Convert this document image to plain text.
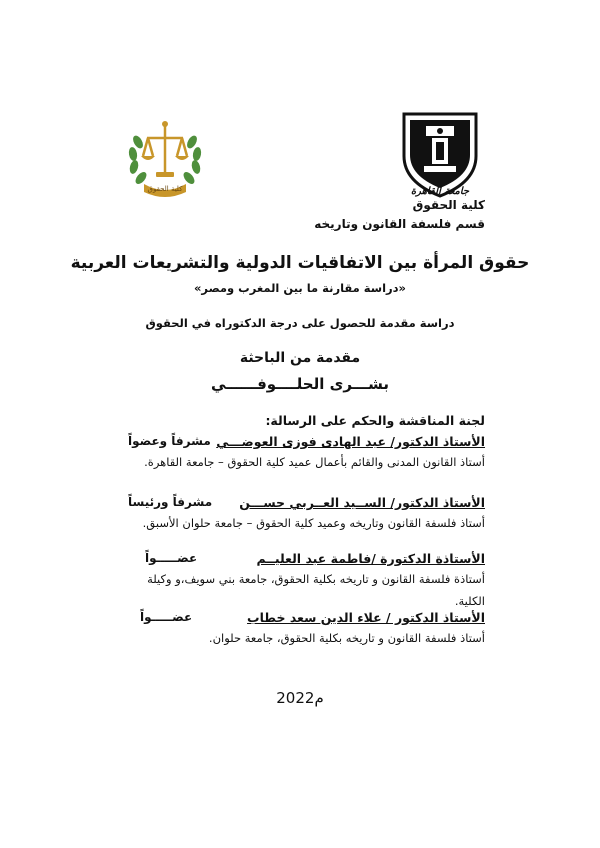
كلية الحقوق	جامعة القاهرة
كلية الحقوق
قسم فلسفة القانون وتاريخه
حقوق المرأة بين الاتفاقيات الدولية والتشريعات العربية
«دراسة مقارنة ما بين المغرب ومصر»
دراسة مقدمة للحصول على درجة الدكتوراه في الحقوق
مقدمة من الباحثة
بشـــرى الحلــــوفــــــي
لجنة المناقشة والحكم على الرسالة:
الأستاذ الدكتور/ عبد الهادى فوزى العوضـــي
مشرفاً وعضواً
أستاذ القانون المدنى والقائم بأعمال عميد كلية الحقوق – جامعة القاهرة.
الأستاذ الدكتور/ الســيد العــربي حســـن
مشرفاً ورئيساً
أستاذ فلسفة القانون وتاريخه وعميد كلية الحقوق – جامعة حلوان الأسبق.
الأستاذة الدكتورة /فاطمة عبد العليــم
عضـــــواً
أستاذة فلسفة القانون و تاريخه بكلية الحقوق، جامعة بني سويف،و وكيلة الكلية.
الأستاذ الدكتور / علاء الدين سعد خطاب
عضـــــواً
أستاذ فلسفة القانون و تاريخه بكلية الحقوق، جامعة حلوان.
2022م
